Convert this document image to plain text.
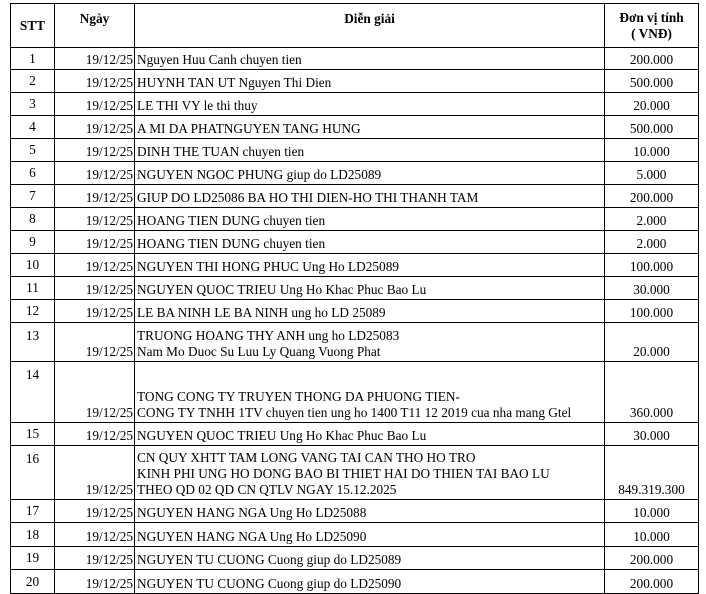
STT	Ngày	Diễn giải	Đơn vị tính
( VNĐ)

1	19/12/25	Nguyen Huu Canh chuyen tien	200.000
2	19/12/25	HUYNH TAN UT Nguyen Thi Dien	500.000
3	19/12/25	LE THI VY le thi thuy	20.000
4	19/12/25	A MI DA PHATNGUYEN TANG HUNG	500.000
5	19/12/25	DINH THE TUAN chuyen tien	10.000
6	19/12/25	NGUYEN NGOC PHUNG giup do LD25089	5.000
7	19/12/25	GIUP DO LD25086 BA HO THI DIEN-HO THI THANH TAM	200.000
8	19/12/25	HOANG TIEN DUNG chuyen tien	2.000
9	19/12/25	HOANG TIEN DUNG chuyen tien	2.000
10	19/12/25	NGUYEN THI HONG PHUC Ung Ho LD25089	100.000
11	19/12/25	NGUYEN QUOC TRIEU Ung Ho Khac Phuc Bao Lu	30.000
12	19/12/25	LE BA NINH LE BA NINH ung ho LD 25089	100.000
13	19/12/25	TRUONG HOANG THY ANH ung ho LD25083
Nam Mo Duoc Su Luu Ly Quang Vuong Phat	20.000
14	19/12/25	TONG CONG TY TRUYEN THONG DA PHUONG TIEN-
CONG TY TNHH 1TV chuyen tien ung ho 1400 T11 12 2019 cua nha mang Gtel	360.000
15	19/12/25	NGUYEN QUOC TRIEU Ung Ho Khac Phuc Bao Lu	30.000
16	19/12/25	CN QUY XHTT TAM LONG VANG TAI CAN THO HO TRO
KINH PHI UNG HO DONG BAO BI THIET HAI DO THIEN TAI BAO LU
THEO QD 02 QD CN QTLV NGAY 15.12.2025	849.319.300
17	19/12/25	NGUYEN HANG NGA Ung Ho LD25088	10.000
18	19/12/25	NGUYEN HANG NGA Ung Ho LD25090	10.000
19	19/12/25	NGUYEN TU CUONG Cuong giup do LD25089	200.000
20	19/12/25	NGUYEN TU CUONG Cuong giup do LD25090	200.000
